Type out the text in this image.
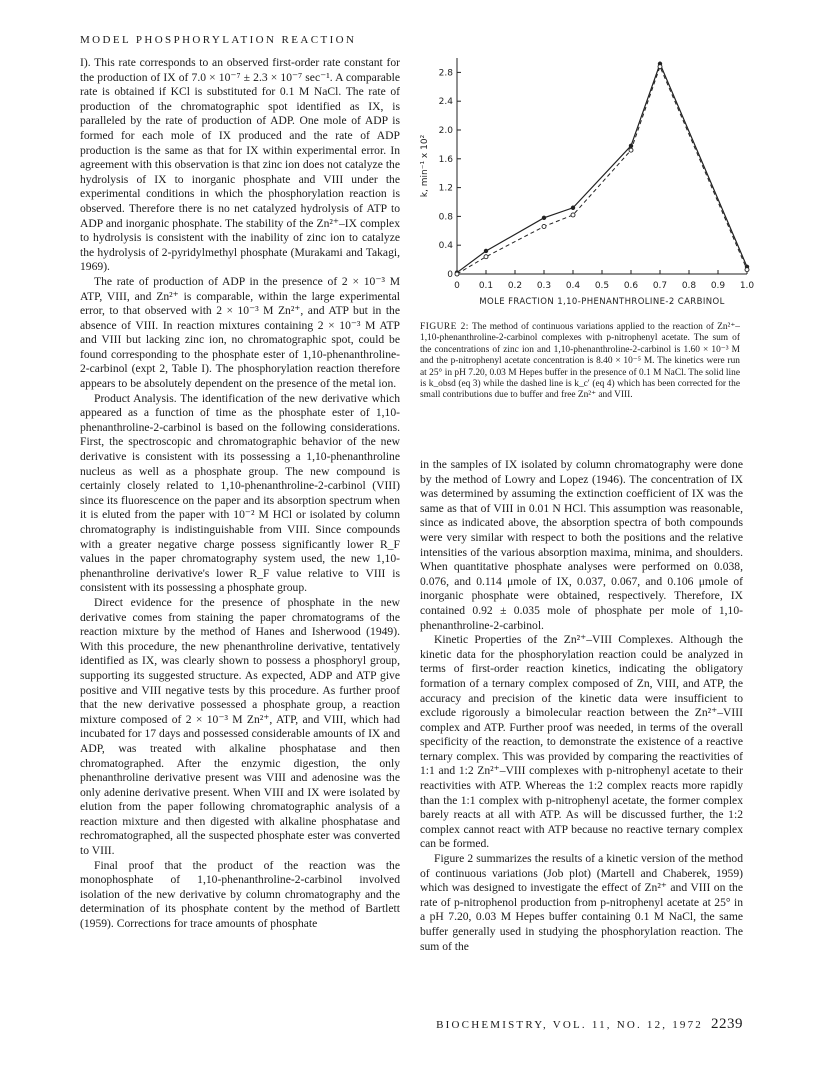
MODEL PHOSPHORYLATION REACTION

I). This rate corresponds to an observed first-order rate constant for the production of IX of 7.0 × 10⁻⁷ ± 2.3 × 10⁻⁷ sec⁻¹. A comparable rate is obtained if KCl is substituted for 0.1 M NaCl. The rate of production of the chromatographic spot identified as IX, is paralleled by the rate of production of ADP. One mole of ADP is formed for each mole of IX produced and the rate of ADP production is the same as that for IX within experimental error. In agreement with this observation is that zinc ion does not catalyze the hydrolysis of IX to inorganic phosphate and VIII under the experimental conditions in which the phosphorylation reaction is observed. Therefore there is no net catalyzed hydrolysis of ATP to ADP and inorganic phosphate. The stability of the Zn²⁺–IX complex to hydrolysis is consistent with the inability of zinc ion to catalyze the hydrolysis of 2-pyridylmethyl phosphate (Murakami and Takagi, 1969).

The rate of production of ADP in the presence of 2 × 10⁻³ M ATP, VIII, and Zn²⁺ is comparable, within the large experimental error, to that observed with 2 × 10⁻³ M Zn²⁺, and ATP but in the absence of VIII. In reaction mixtures containing 2 × 10⁻³ M ATP and VIII but lacking zinc ion, no chromatographic spot, could be found corresponding to the phosphate ester of 1,10-phenanthroline-2-carbinol (expt 2, Table I). The phosphorylation reaction therefore appears to be absolutely dependent on the presence of the metal ion.

Product Analysis. The identification of the new derivative which appeared as a function of time as the phosphate ester of 1,10-phenanthroline-2-carbinol is based on the following considerations. First, the spectroscopic and chromatographic behavior of the new derivative is consistent with its possessing a 1,10-phenanthroline nucleus as well as a phosphate group. The new compound is certainly closely related to 1,10-phenanthroline-2-carbinol (VIII) since its fluorescence on the paper and its absorption spectrum when it is eluted from the paper with 10⁻² M HCl or isolated by column chromatography is indistinguishable from VIII. Since compounds with a greater negative charge possess significantly lower R_F values in the paper chromatography system used, the new 1,10-phenanthroline derivative's lower R_F value relative to VIII is consistent with its possessing a phosphate group.

Direct evidence for the presence of phosphate in the new derivative comes from staining the paper chromatograms of the reaction mixture by the method of Hanes and Isherwood (1949). With this procedure, the new phenanthroline derivative, tentatively identified as IX, was clearly shown to possess a phosphoryl group, supporting its suggested structure. As expected, ADP and ATP give positive and VIII negative tests by this procedure. As further proof that the new derivative possessed a phosphate group, a reaction mixture composed of 2 × 10⁻³ M Zn²⁺, ATP, and VIII, which had incubated for 17 days and possessed considerable amounts of IX and ADP, was treated with alkaline phosphatase and then chromatographed. After the enzymic digestion, the only phenanthroline derivative present was VIII and adenosine was the only adenine derivative present. When VIII and IX were isolated by elution from the paper following chromatographic analysis of a reaction mixture and then digested with alkaline phosphatase and rechromatographed, all the suspected phosphate ester was converted to VIII.

Final proof that the product of the reaction was the monophosphate of 1,10-phenanthroline-2-carbinol involved isolation of the new derivative by column chromatography and the determination of its phosphate content by the method of Bartlett (1959). Corrections for trace amounts of phosphate

0 0.1 0.2 0.3 0.4 0.5 0.6 0.7 0.8 0.9 1.0
0
0.4
0.8
1.2
1.6
2.0
2.4
2.8
MOLE FRACTION 1,10-PHENANTHROLINE-2 CARBINOL
k, min⁻¹ x 10²
FIGURE 2: The method of continuous variations applied to the reaction of Zn²⁺–1,10-phenanthroline-2-carbinol complexes with p-nitrophenyl acetate. The sum of the concentrations of zinc ion and 1,10-phenanthroline-2-carbinol is 1.60 × 10⁻³ M and the p-nitrophenyl acetate concentration is 8.40 × 10⁻⁵ M. The kinetics were run at 25° in pH 7.20, 0.03 M Hepes buffer in the presence of 0.1 M NaCl. The solid line is k_obsd (eq 3) while the dashed line is k_c′ (eq 4) which has been corrected for the small contributions due to buffer and free Zn²⁺ and VIII.

in the samples of IX isolated by column chromatography were done by the method of Lowry and Lopez (1946). The concentration of IX was determined by assuming the extinction coefficient of IX was the same as that of VIII in 0.01 N HCl. This assumption was reasonable, since as indicated above, the absorption spectra of both compounds were very similar with respect to both the positions and the relative intensities of the various absorption maxima, minima, and shoulders. When quantitative phosphate analyses were performed on 0.038, 0.076, and 0.114 μmole of IX, 0.037, 0.067, and 0.106 μmole of inorganic phosphate were obtained, respectively. Therefore, IX contained 0.92 ± 0.035 mole of phosphate per mole of 1,10-phenanthroline-2-carbinol.

Kinetic Properties of the Zn²⁺–VIII Complexes. Although the kinetic data for the phosphorylation reaction could be analyzed in terms of first-order reaction kinetics, indicating the obligatory formation of a ternary complex composed of Zn, VIII, and ATP, the accuracy and precision of the kinetic data were insufficient to exclude rigorously a bimolecular reaction between the Zn²⁺–VIII complex and ATP. Further proof was needed, in terms of the overall specificity of the reaction, to demonstrate the existence of a reactive ternary complex. This was provided by comparing the reactivities of 1:1 and 1:2 Zn²⁺–VIII complexes with p-nitrophenyl acetate to their reactivities with ATP. Whereas the 1:2 complex reacts more rapidly than the 1:1 complex with p-nitrophenyl acetate, the former complex barely reacts at all with ATP. As will be discussed further, the 1:2 complex cannot react with ATP because no reactive ternary complex can be formed.

Figure 2 summarizes the results of a kinetic version of the method of continuous variations (Job plot) (Martell and Chaberek, 1959) which was designed to investigate the effect of Zn²⁺ and VIII on the rate of p-nitrophenol production from p-nitrophenyl acetate at 25° in a pH 7.20, 0.03 M Hepes buffer containing 0.1 M NaCl, the same buffer generally used in studying the phosphorylation reaction. The sum of the

BIOCHEMISTRY, VOL. 11, NO. 12, 1972 2239
